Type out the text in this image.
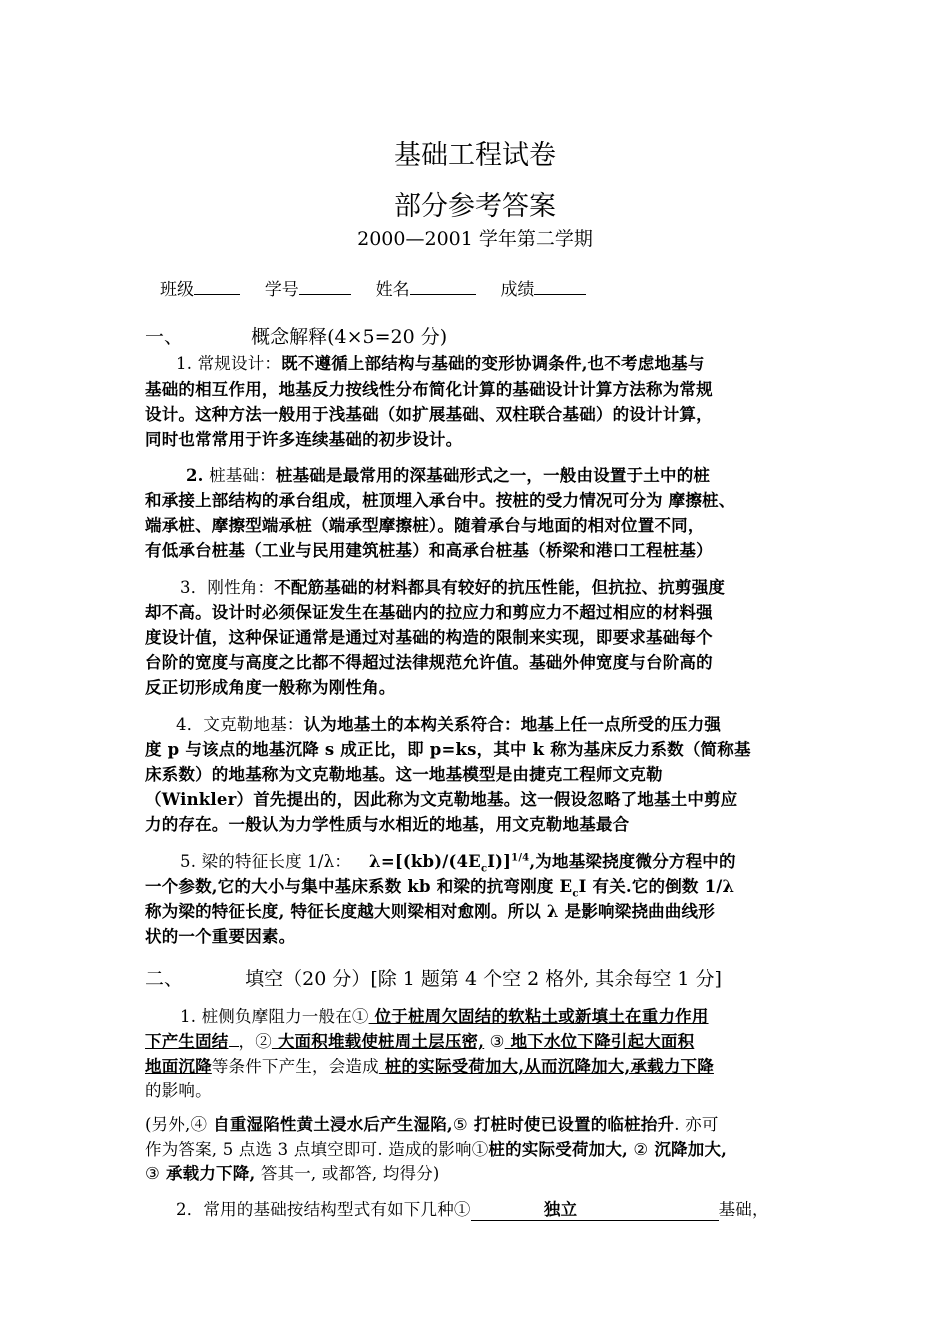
基础工程试卷
部分参考答案
2000—2001 学年第二学期
班级	学号	姓名	成绩
一、	概念解释(4×5=20 分)
1. 常规设计：既不遵循上部结构与基础的变形协调条件,也不考虑地基与
基础的相互作用，地基反力按线性分布简化计算的基础设计计算方法称为常规
设计。这种方法一般用于浅基础（如扩展基础、双柱联合基础）的设计计算，
同时也常常用于许多连续基础的初步设计。
2. 桩基础：桩基础是最常用的深基础形式之一，一般由设置于土中的桩
和承接上部结构的承台组成，桩顶埋入承台中。按桩的受力情况可分为 摩擦桩、
端承桩、摩擦型端承桩（端承型摩擦桩）。随着承台与地面的相对位置不同，
有低承台桩基（工业与民用建筑桩基）和高承台桩基（桥梁和港口工程桩基）
3．刚性角：不配筋基础的材料都具有较好的抗压性能，但抗拉、抗剪强度
却不高。设计时必须保证发生在基础内的拉应力和剪应力不超过相应的材料强
度设计值，这种保证通常是通过对基础的构造的限制来实现，即要求基础每个
台阶的宽度与高度之比都不得超过法律规范允许值。基础外伸宽度与台阶高的
反正切形成角度一般称为刚性角。
4．文克勒地基：认为地基土的本构关系符合：地基上任一点所受的压力强
度 p 与该点的地基沉降 s 成正比，即 p=ks，其中 k 称为基床反力系数（简称基
床系数）的地基称为文克勒地基。这一地基模型是由捷克工程师文克勒
（Winkler）首先提出的，因此称为文克勒地基。这一假设忽略了地基土中剪应
力的存在。一般认为力学性质与水相近的地基，用文克勒地基最合
5. 梁的特征长度 1/λ： $\lambda=[(kb)/(4E_cI)]^{1/4}$,为地基梁挠度微分方程中的
一个参数,它的大小与集中基床系数 kb 和梁的抗弯刚度 $E_cI$ 有关.它的倒数 1/λ
称为梁的特征长度, 特征长度越大则梁相对愈刚。所以 λ 是影响梁挠曲曲线形
状的一个重要因素。
二、	填空（20 分）[除 1 题第 4 个空 2 格外, 其余每空 1 分]
1. 桩侧负摩阻力一般在① 位于桩周欠固结的软粘土或新填土在重力作用
下产生固结 ，② 大面积堆载使桩周土层压密, ③ 地下水位下降引起大面积
地面沉降等条件下产生，会造成 桩的实际受荷加大,从而沉降加大,承载力下降
的影响。
(另外,④ 自重湿陷性黄土浸水后产生湿陷,⑤ 打桩时使已设置的临桩抬升. 亦可
作为答案, 5 点选 3 点填空即可. 造成的影响①桩的实际受荷加大, ② 沉降加大,
③ 承载力下降, 答其一, 或都答, 均得分)
2．常用的基础按结构型式有如下几种①	独立	基础，
